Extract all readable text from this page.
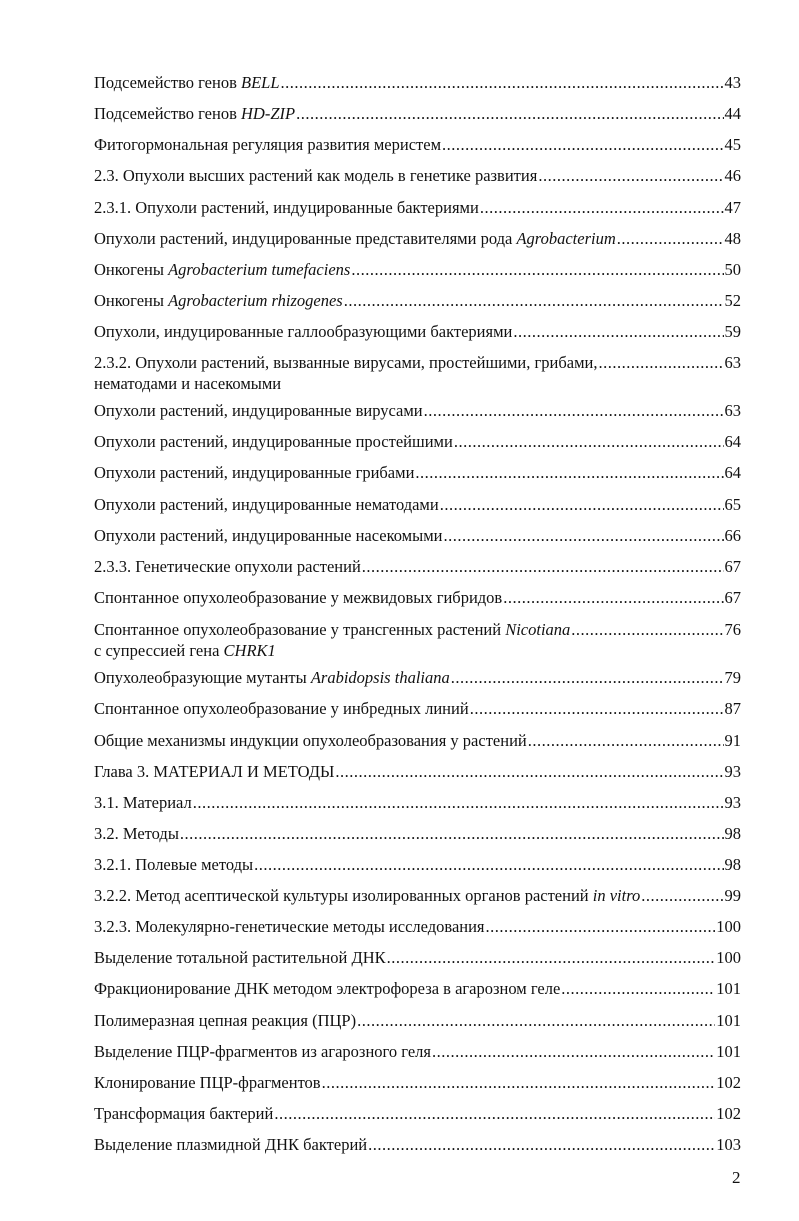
Подсемейство генов BELL .....	43
Подсемейство генов HD-ZIP .....	44
Фитогормональная регуляция развития меристем .....	45
2.3. Опухоли высших растений как модель в генетике развития .....	46
2.3.1. Опухоли растений, индуцированные бактериями .....	47
Опухоли растений, индуцированные представителями рода Agrobacterium .....	48
Онкогены Agrobacterium tumefaciens .....	50
Онкогены Agrobacterium rhizogenes .....	52
Опухоли, индуцированные галлообразующими бактериями .....	59
2.3.2. Опухоли растений, вызванные вирусами, простейшими, грибами, .....	63
нематодами и насекомыми
Опухоли растений, индуцированные вирусами .....	63
Опухоли растений, индуцированные простейшими .....	64
Опухоли растений, индуцированные грибами .....	64
Опухоли растений, индуцированные нематодами .....	65
Опухоли растений, индуцированные насекомыми .....	66
2.3.3. Генетические опухоли растений .....	67
Спонтанное опухолеобразование у межвидовых гибридов .....	67
Спонтанное опухолеобразование у трансгенных растений Nicotiana .....	76
с супрессией гена CHRK1
Опухолеобразующие мутанты Arabidopsis thaliana .....	79
Спонтанное опухолеобразование у инбредных линий .....	87
Общие механизмы индукции опухолеобразования у растений .....	91
Глава 3. МАТЕРИАЛ И МЕТОДЫ .....	93
3.1. Материал .....	93
3.2. Методы .....	98
3.2.1. Полевые методы .....	98
3.2.2. Метод асептической культуры изолированных органов растений in vitro .....	99
3.2.3. Молекулярно-генетические методы исследования .....	100
Выделение тотальной растительной ДНК .....	100
Фракционирование ДНК методом электрофореза в агарозном геле .....	101
Полимеразная цепная реакция (ПЦР) .....	101
Выделение ПЦР-фрагментов из агарозного геля .....	101
Клонирование ПЦР-фрагментов .....	102
Трансформация бактерий .....	102
Выделение плазмидной ДНК бактерий .....	103
2
